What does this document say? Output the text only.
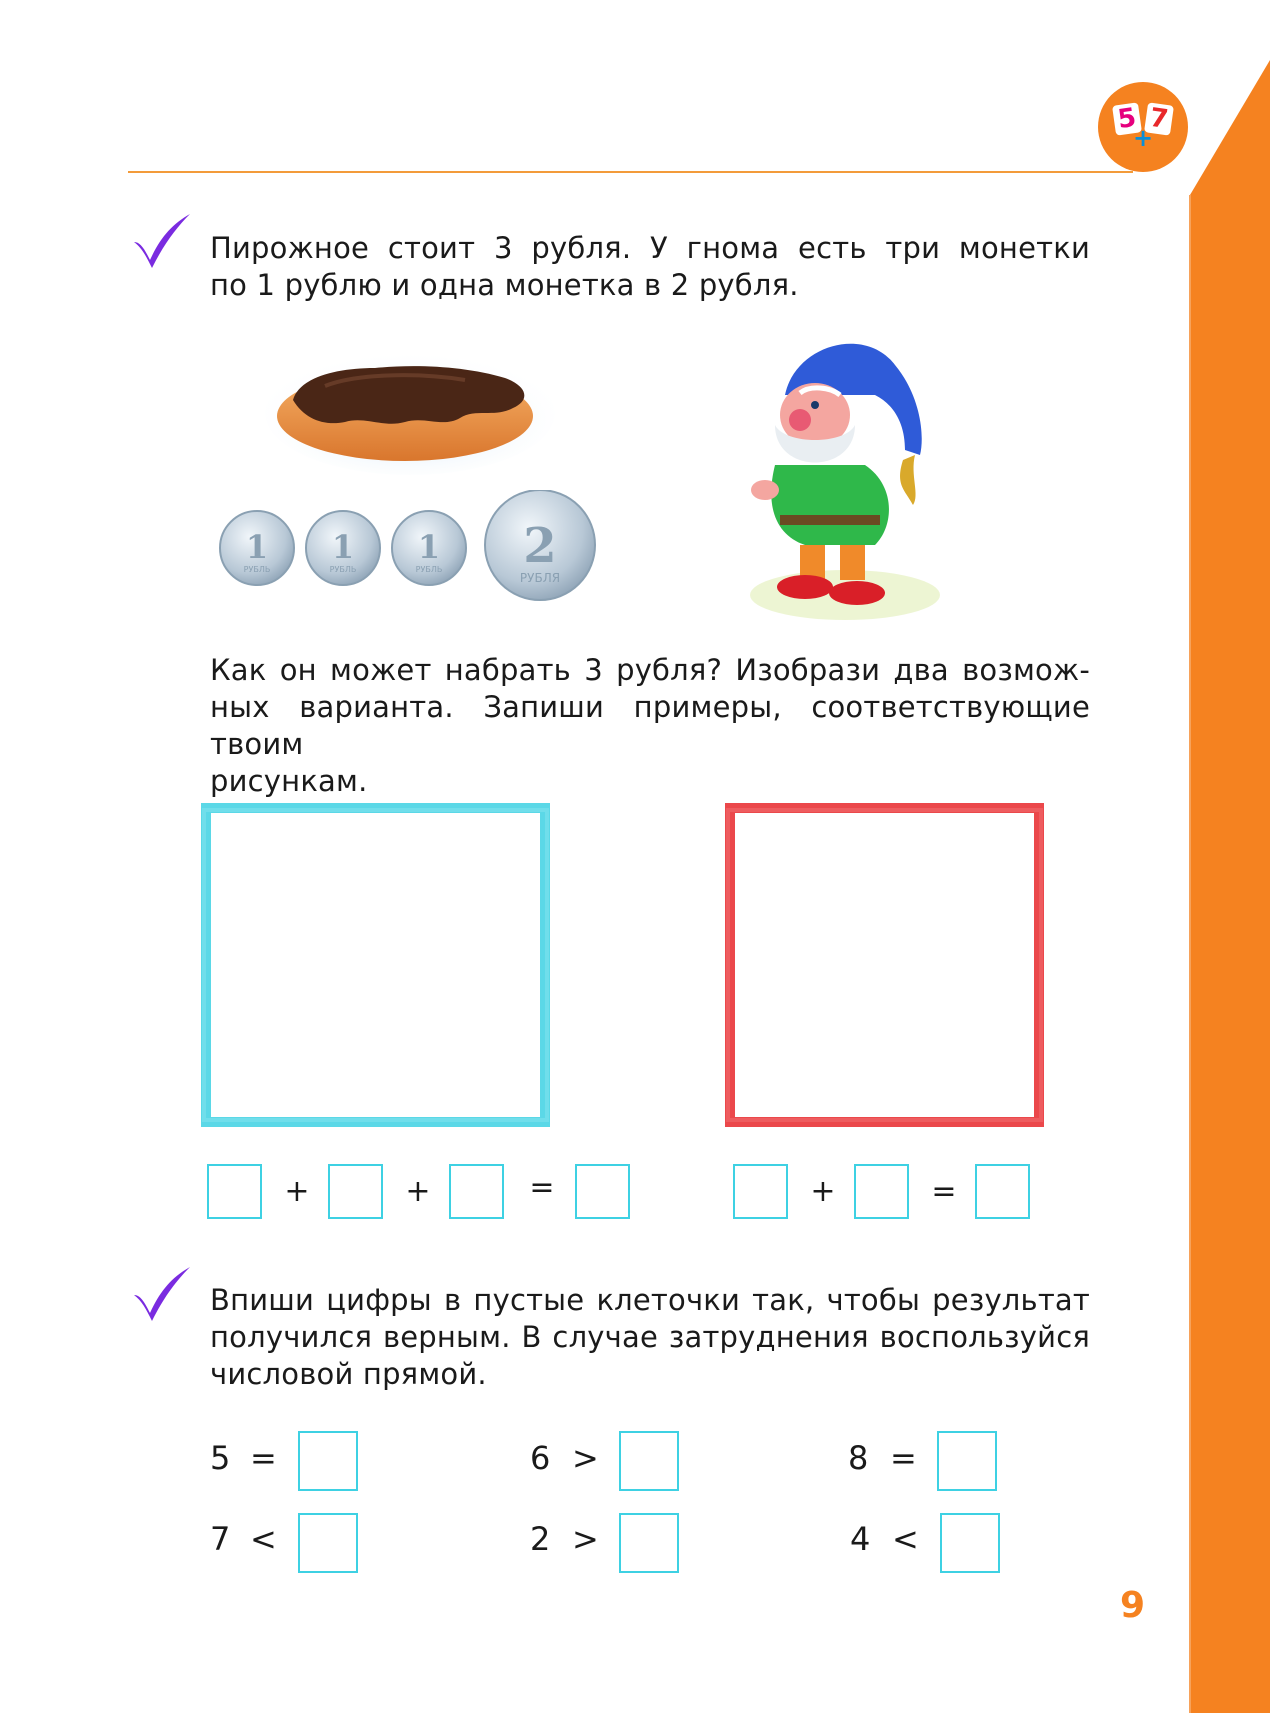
5 7
+
Пирожное стоит 3 рубля. У гнома есть три монетки
по 1 рублю и одна монетка в 2 рубля.
1
РУБЛЬ
1
РУБЛЬ
1
РУБЛЬ 2
РУБЛЯ
Как он может набрать 3 рубля? Изобрази два возмож-
ных варианта. Запиши примеры, соответствующие твоим
рисункам.
+	+	=	+	=
Впиши цифры в пустые клеточки так, чтобы результат
получился верным. В случае затруднения воспользуйся
числовой прямой.
5 =	6 >	8 =
7 <	2 >	4 <
9
